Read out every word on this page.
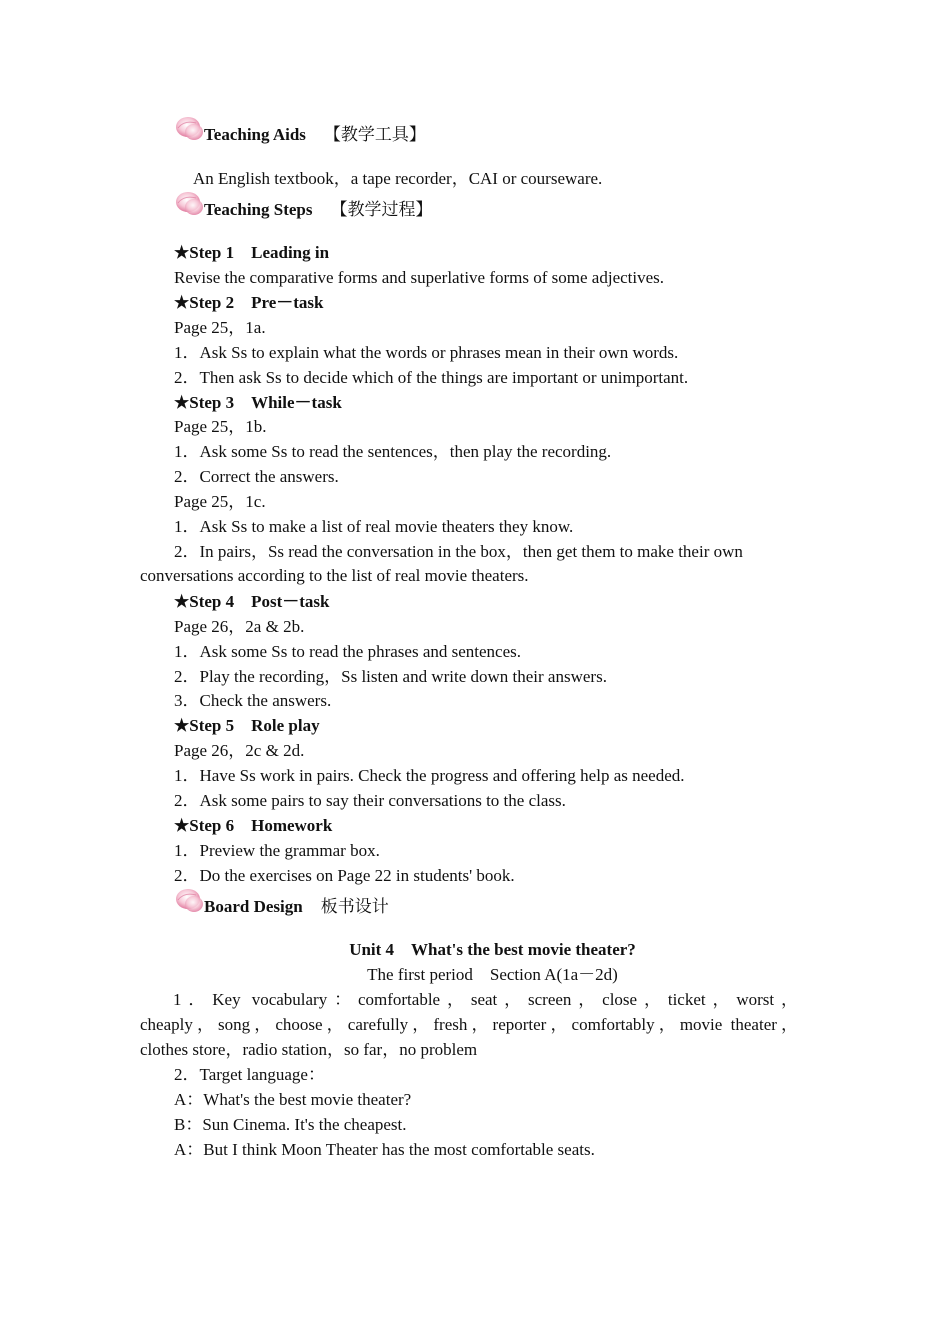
Teaching Aids 【教学工具】
An English textbook，a tape recorder，CAI or courseware.
Teaching Steps 【教学过程】
★Step 1　Leading in
Revise the comparative forms and superlative forms of some adjectives.
★Step 2　Pre－task
Page 25，1a.
1．Ask Ss to explain what the words or phrases mean in their own words.
2．Then ask Ss to decide which of the things are important or unimportant.
★Step 3　While－task
Page 25，1b.
1．Ask some Ss to read the sentences，then play the recording.
2．Correct the answers.
Page 25，1c.
1．Ask Ss to make a list of real movie theaters they know.
2．In pairs，Ss read the conversation in the box，then get them to make their own
conversations according to the list of real movie theaters.
★Step 4　Post－task
Page 26，2a & 2b.
1．Ask some Ss to read the phrases and sentences.
2．Play the recording，Ss listen and write down their answers.
3．Check the answers.
★Step 5　Role play
Page 26，2c & 2d.
1．Have Ss work in pairs. Check the progress and offering help as needed.
2．Ask some pairs to say their conversations to the class.
★Step 6　Homework
1．Preview the grammar box.
2．Do the exercises on Page 22 in students' book.
Board Design 板书设计
Unit 4　What's the best movie theater?
The first period　Section A(1a－2d)
1．Key vocabulary：comfortable，seat，screen，close，ticket，worst，
cheaply，song，choose，carefully，fresh，reporter，comfortably，movie theater，
clothes store，radio station，so far，no problem
2．Target language：
A：What's the best movie theater?
B：Sun Cinema. It's the cheapest.
A：But I think Moon Theater has the most comfortable seats.
